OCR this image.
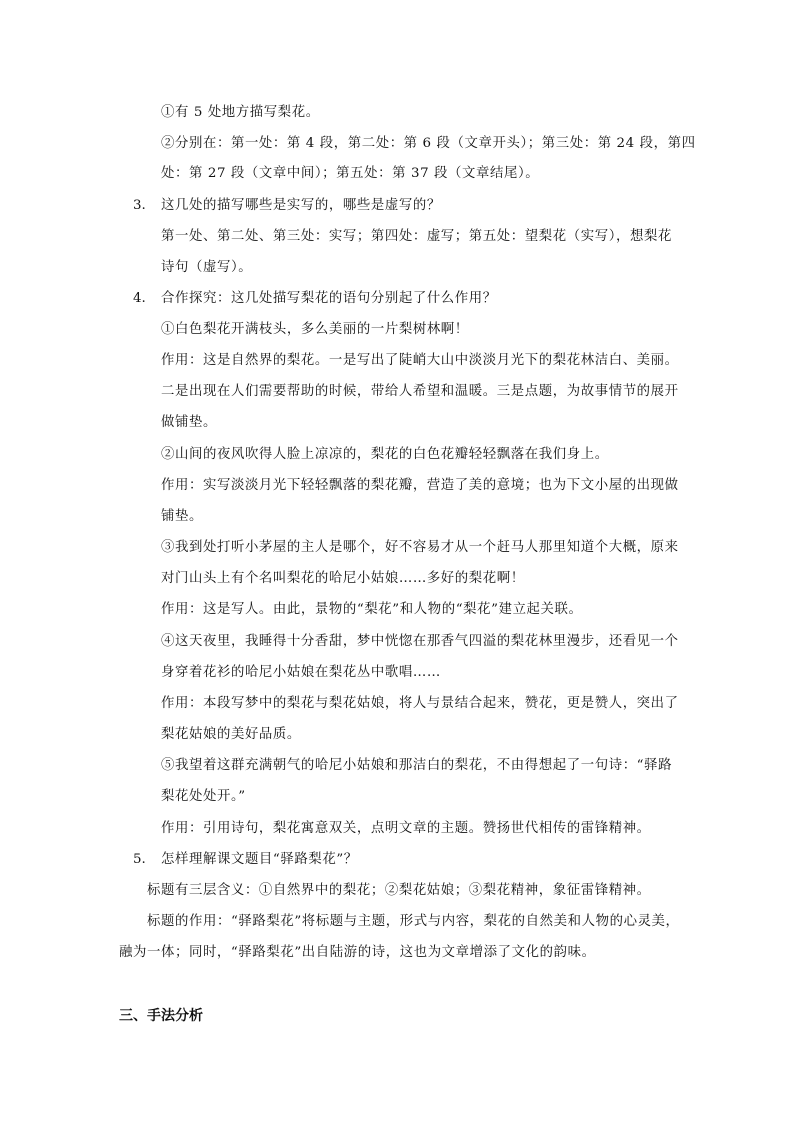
①有 5 处地方描写梨花。

②分别在：第一处：第 4 段，第二处：第 6 段（文章开头）；第三处：第 24 段，第四

处：第 27 段（文章中间）；第五处：第 37 段（文章结尾）。

3. 这几处的描写哪些是实写的，哪些是虚写的？

第一处、第二处、第三处：实写；第四处：虚写；第五处：望梨花（实写），想梨花

诗句（虚写）。

4. 合作探究：这几处描写梨花的语句分别起了什么作用？

①白色梨花开满枝头，多么美丽的一片梨树林啊！

作用：这是自然界的梨花。一是写出了陡峭大山中淡淡月光下的梨花林洁白、美丽。

二是出现在人们需要帮助的时候，带给人希望和温暖。三是点题，为故事情节的展开

做铺垫。

②山间的夜风吹得人脸上凉凉的，梨花的白色花瓣轻轻飘落在我们身上。

作用：实写淡淡月光下轻轻飘落的梨花瓣，营造了美的意境；也为下文小屋的出现做

铺垫。

③我到处打听小茅屋的主人是哪个，好不容易才从一个赶马人那里知道个大概，原来

对门山头上有个名叫梨花的哈尼小姑娘……多好的梨花啊！

作用：这是写人。由此，景物的“梨花”和人物的“梨花”建立起关联。

④这天夜里，我睡得十分香甜，梦中恍惚在那香气四溢的梨花林里漫步，还看见一个

身穿着花衫的哈尼小姑娘在梨花丛中歌唱……

作用：本段写梦中的梨花与梨花姑娘，将人与景结合起来，赞花，更是赞人，突出了

梨花姑娘的美好品质。

⑤我望着这群充满朝气的哈尼小姑娘和那洁白的梨花，不由得想起了一句诗：“驿路

梨花处处开。”

作用：引用诗句，梨花寓意双关，点明文章的主题。赞扬世代相传的雷锋精神。

5. 怎样理解课文题目“驿路梨花”？

标题有三层含义：①自然界中的梨花；②梨花姑娘；③梨花精神，象征雷锋精神。

标题的作用：“驿路梨花”将标题与主题，形式与内容，梨花的自然美和人物的心灵美，

融为一体；同时，“驿路梨花”出自陆游的诗，这也为文章增添了文化的韵味。

三、手法分析
